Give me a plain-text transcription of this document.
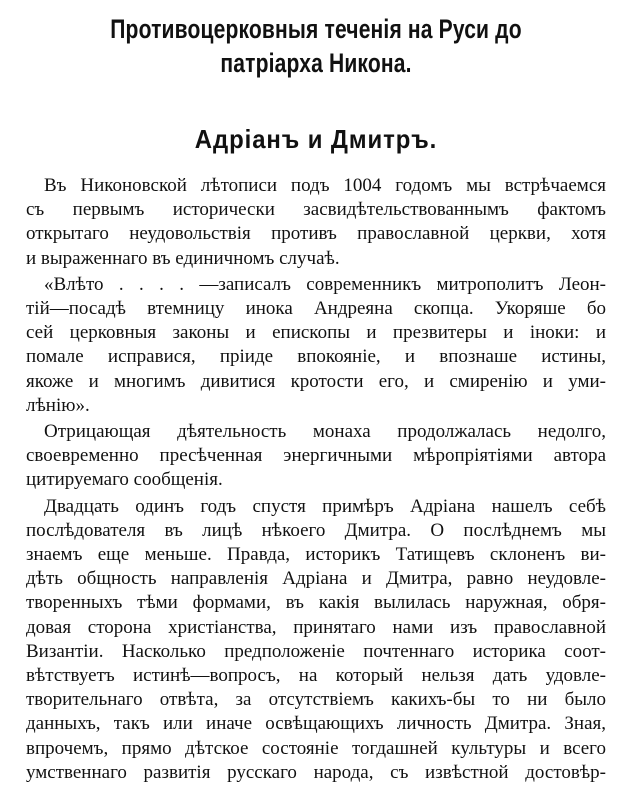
Противоцерковныя теченія на Руси до
патріарха Никона.
Адріанъ и Дмитръ.

Въ Никоновской лѣтописи подъ 1004 годомъ мы встрѣчаемся
съ первымъ исторически засвидѣтельствованнымъ фактомъ
открытаго неудовольствія противъ православной церкви, хотя
и выраженнаго въ единичномъ случаѣ.

«Влѣто . . . . —записалъ современникъ митрополитъ Леон-
тій—посадѣ втемницу инока Андреяна скопца. Укоряше бо
сей церковныя законы и епископы и презвитеры и іноки: и
помале исправися, пріиде впокояніе, и впознаше истины,
якоже и многимъ дивитися кротости его, и смиренію и уми-
лѣнію».

Отрицающая дѣятельность монаха продолжалась недолго,
своевременно пресѣченная энергичными мѣропріятіями автора
цитируемаго сообщенія.

Двадцать одинъ годъ спустя примѣръ Адріана нашелъ себѣ
послѣдователя въ лицѣ нѣкоего Дмитра. О послѣднемъ мы
знаемъ еще меньше. Правда, историкъ Татищевъ склоненъ ви-
дѣть общность направленія Адріана и Дмитра, равно неудовле-
творенныхъ тѣми формами, въ какія вылилась наружная, обря-
довая сторона христіанства, принятаго нами изъ православной
Византіи. Насколько предположеніе почтеннаго историка соот-
вѣтствуетъ истинѣ—вопросъ, на который нельзя дать удовле-
творительнаго отвѣта, за отсутствіемъ какихъ-бы то ни было
данныхъ, такъ или иначе освѣщающихъ личность Дмитра. Зная,
впрочемъ, прямо дѣтское состояніе тогдашней культуры и всего
умственнаго развитія русскаго народа, съ извѣстной достовѣр-
